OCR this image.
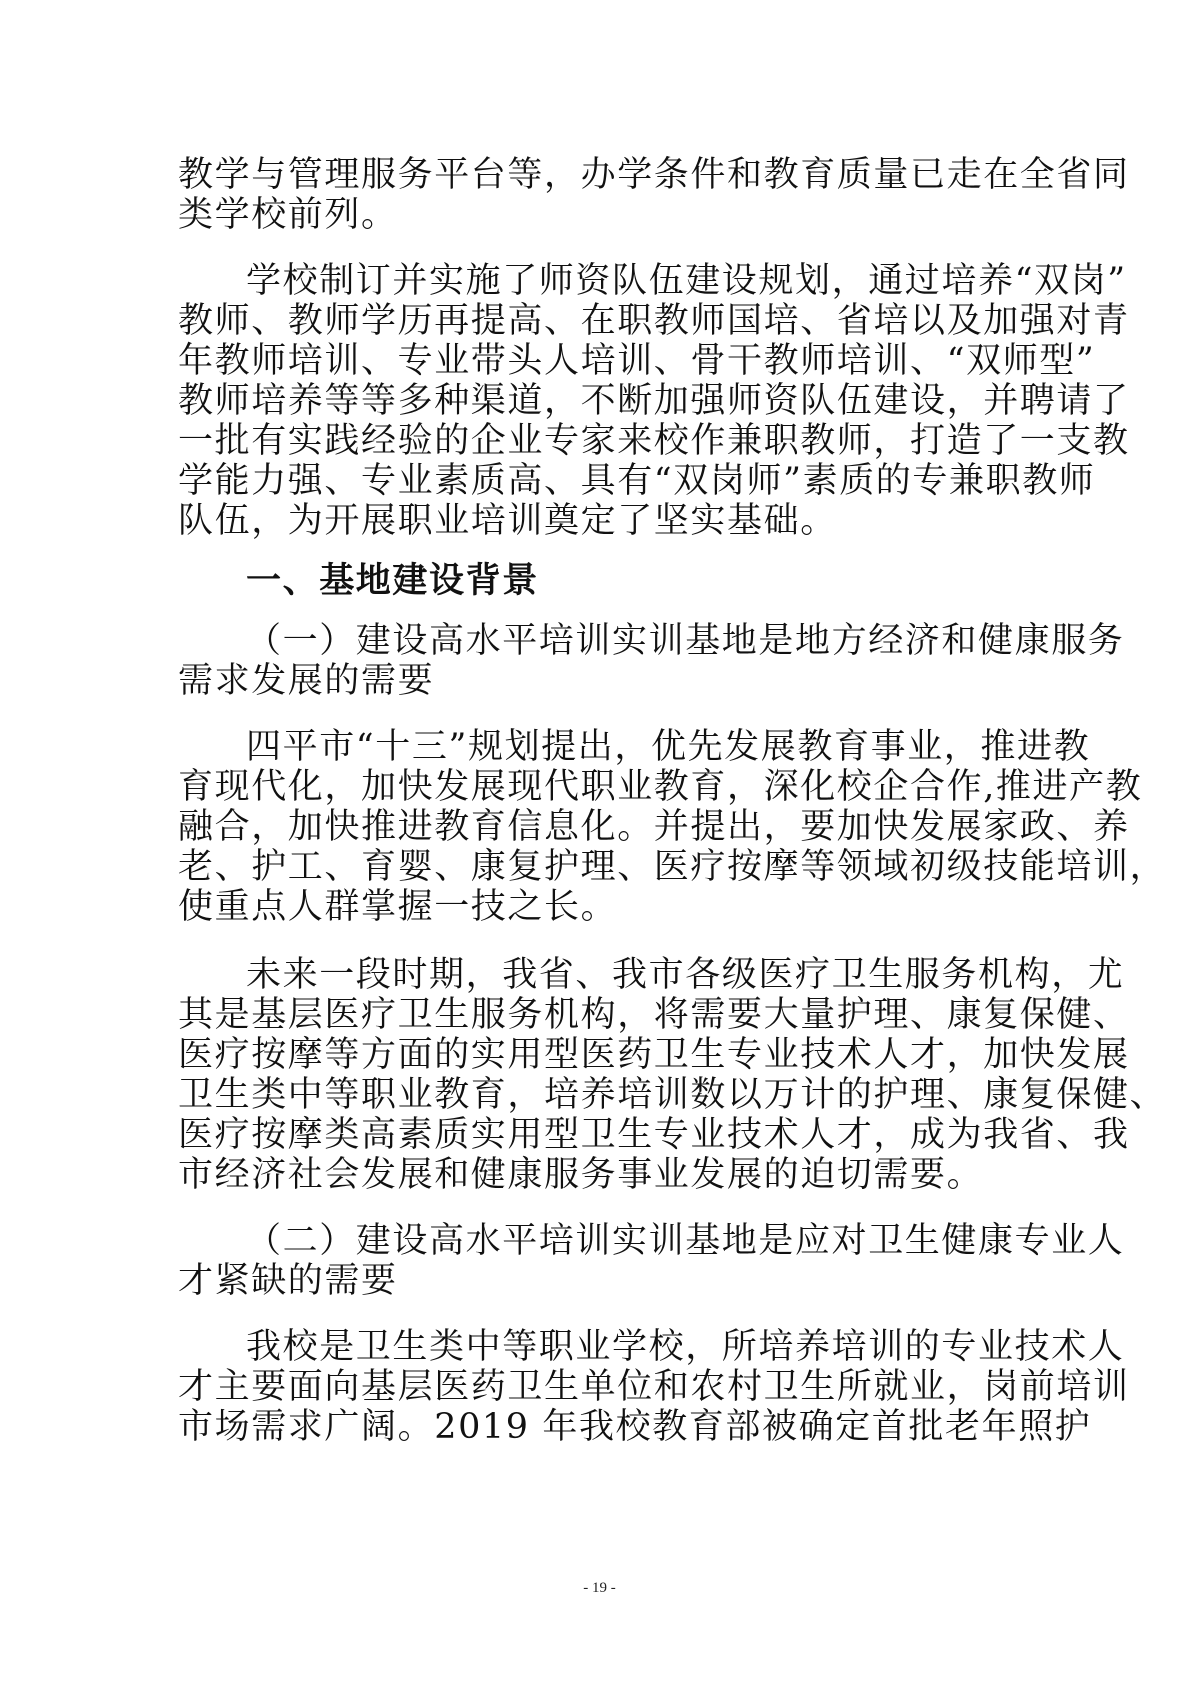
教学与管理服务平台等，办学条件和教育质量已走在全省同
类学校前列。
学校制订并实施了师资队伍建设规划，通过培养“双岗”
教师、教师学历再提高、在职教师国培、省培以及加强对青
年教师培训、专业带头人培训、骨干教师培训、“双师型”
教师培养等等多种渠道，不断加强师资队伍建设，并聘请了
一批有实践经验的企业专家来校作兼职教师，打造了一支教
学能力强、专业素质高、具有“双岗师”素质的专兼职教师
队伍，为开展职业培训奠定了坚实基础。
一、基地建设背景
（一）建设高水平培训实训基地是地方经济和健康服务
需求发展的需要
四平市“十三”规划提出，优先发展教育事业，推进教
育现代化，加快发展现代职业教育，深化校企合作,推进产教
融合，加快推进教育信息化。并提出，要加快发展家政、养
老、护工、育婴、康复护理、医疗按摩等领域初级技能培训，
使重点人群掌握一技之长。
未来一段时期，我省、我市各级医疗卫生服务机构，尤
其是基层医疗卫生服务机构，将需要大量护理、康复保健、
医疗按摩等方面的实用型医药卫生专业技术人才，加快发展
卫生类中等职业教育，培养培训数以万计的护理、康复保健、
医疗按摩类高素质实用型卫生专业技术人才，成为我省、我
市经济社会发展和健康服务事业发展的迫切需要。
（二）建设高水平培训实训基地是应对卫生健康专业人
才紧缺的需要
我校是卫生类中等职业学校，所培养培训的专业技术人
才主要面向基层医药卫生单位和农村卫生所就业，岗前培训
市场需求广阔。2019 年我校教育部被确定首批老年照护
- 19 -
